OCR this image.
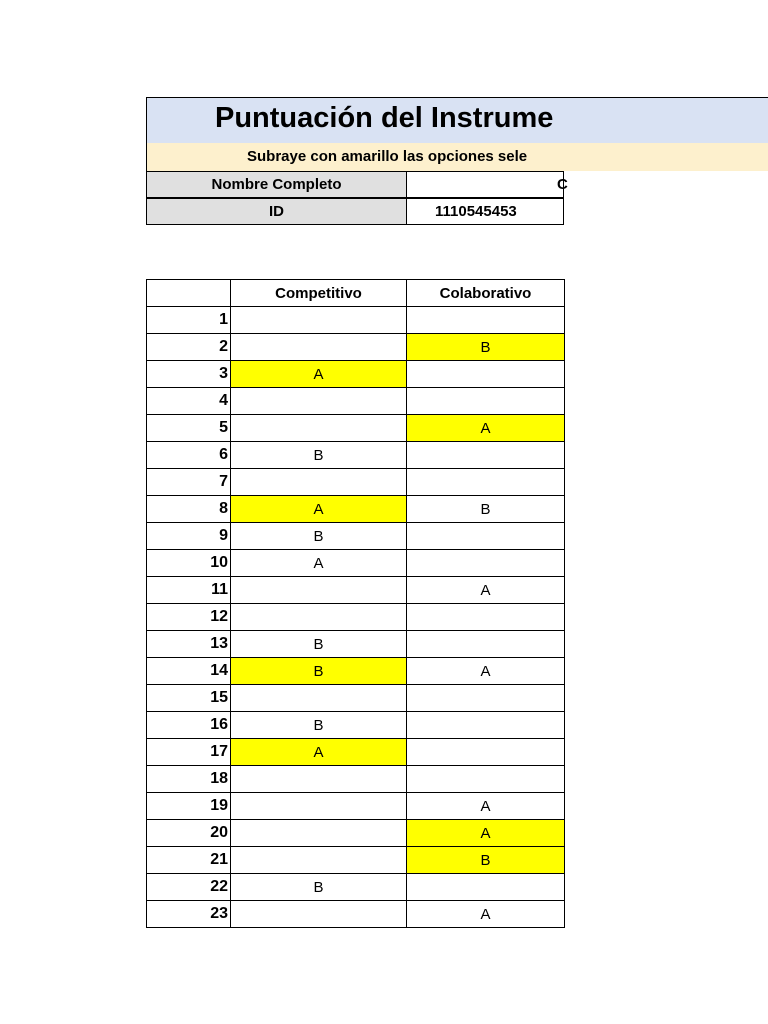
Puntuación del Instrume
Subraye con amarillo las opciones sele
Nombre Completo	C
ID	1110545453
	Competitivo	Colaborativo
1		
2		B
3	A	
4		
5		A
6	B	
7		
8	A	B
9	B	
10	A	
11		A
12		
13	B	
14	B	A
15		
16	B	
17	A	
18		
19		A
20		A
21		B
22	B	
23		A
